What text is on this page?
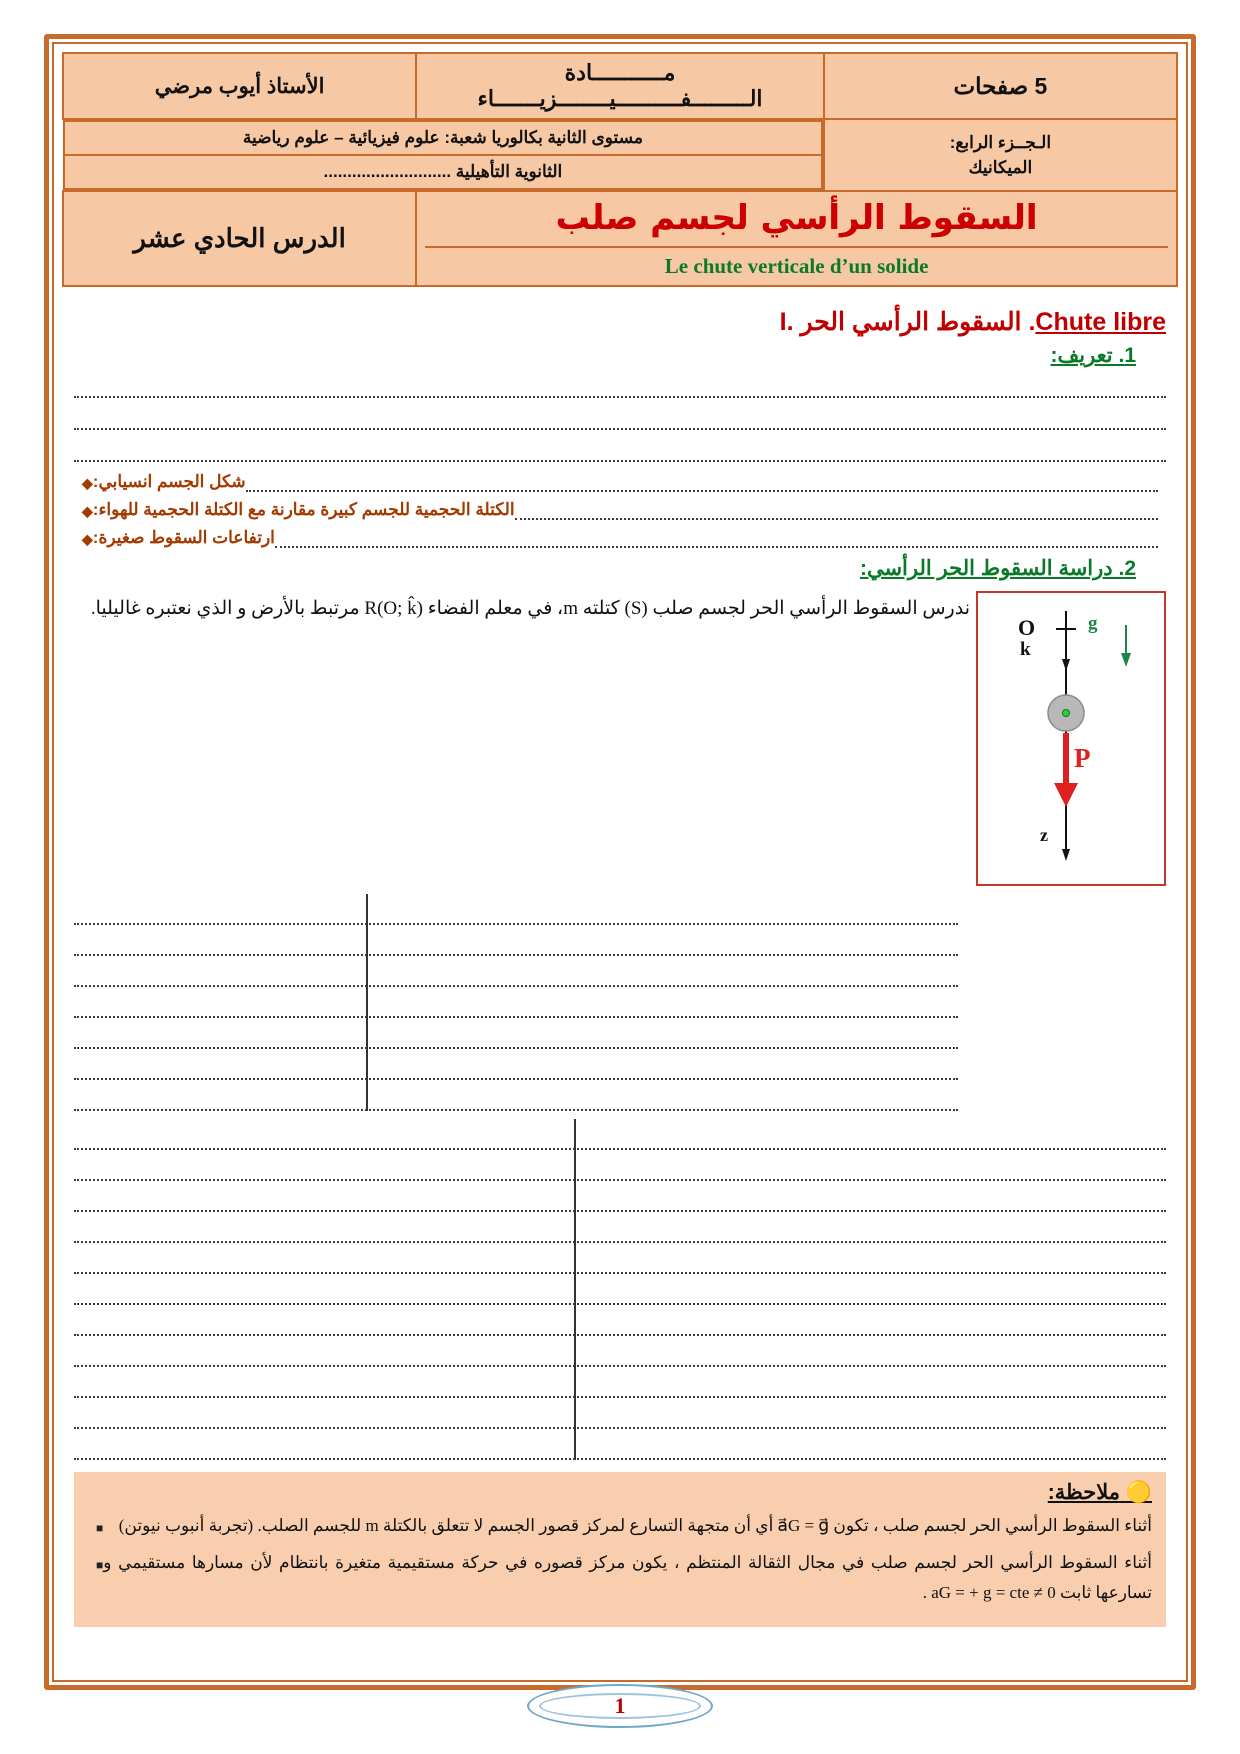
5 صفحات	مـــــــــــادة الـــــــــفــــــــــيــــــــزيـــــــاء	الأستاذ أيوب مرضي

الـجــزء الرابع:
الميكانيك

مستوى الثانية بكالوريا شعبة: علوم فيزيائية – علوم رياضية
الثانوية التأهيلية ...........................

السقوط الرأسي لجسم صلب
Le chute verticale d’un solide
	الدرس الحادي عشر
Chute libre. السقوط الرأسي الحر .I
1. تعريف:
◆ شكل الجسم انسيابي:
◆ الكتلة الحجمية للجسم كبيرة مقارنة مع الكتلة الحجمية للهواء:
◆ ارتفاعات السقوط صغيرة:
2. دراسة السقوط الحر الرأسي:
ندرس السقوط الرأسي الحر لجسم صلب (S) كتلته m، في معلم الفضاء (R(O; k̂ مرتبط بالأرض و الذي نعتبره غاليليا.
O
k⃗
g⃗
P⃗
z
🟡 ملاحظة:
■ أثناء السقوط الرأسي الحر لجسم صلب ، تكون a⃗G = g⃗ أي أن متجهة التسارع لمركز قصور الجسم لا تتعلق بالكتلة m للجسم الصلب. (تجربة أنبوب نيوتن)
■ أثناء السقوط الرأسي الحر لجسم صلب في مجال الثقالة المنتظم ، يكون مركز قصوره في حركة مستقيمية متغيرة بانتظام لأن مسارها مستقيمي و تسارعها ثابت 0 ≠ aG = + g = cte .
1
